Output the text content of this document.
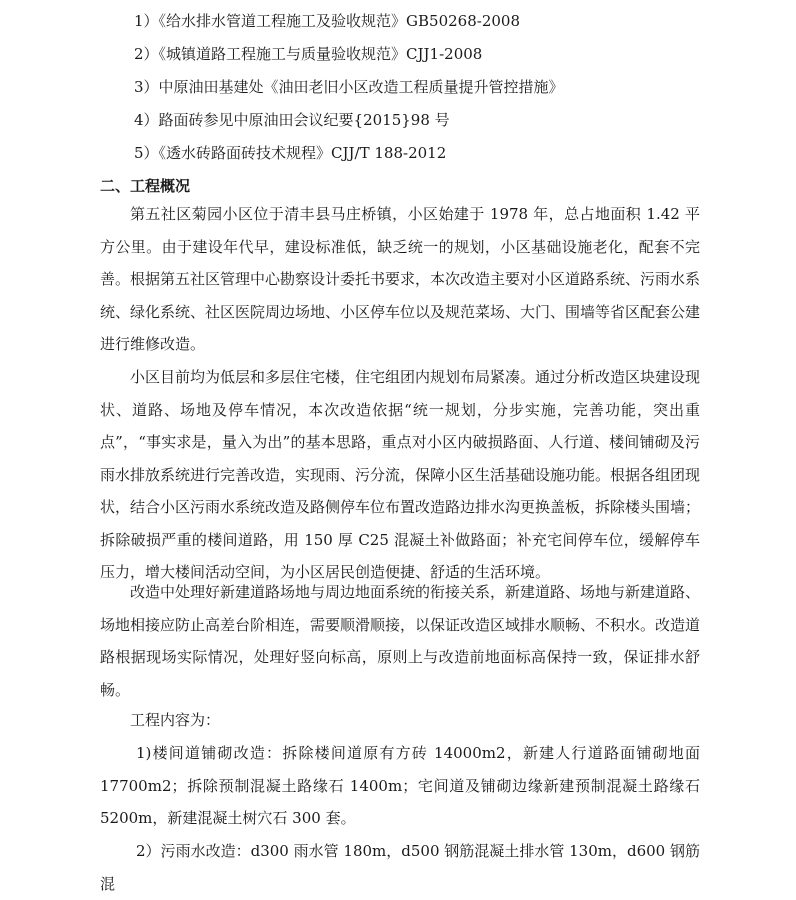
1）《给水排水管道工程施工及验收规范》GB50268-2008
2）《城镇道路工程施工与质量验收规范》CJJ1-2008
3）中原油田基建处《油田老旧小区改造工程质量提升管控措施》
4）路面砖参见中原油田会议纪要{2015}98 号
5）《透水砖路面砖技术规程》CJJ/T 188-2012
二、工程概况

第五社区菊园小区位于清丰县马庄桥镇，小区始建于 1978 年，总占地面积 1.42 平方公里。由于建设年代早，建设标准低，缺乏统一的规划，小区基础设施老化，配套不完善。根据第五社区管理中心勘察设计委托书要求，本次改造主要对小区道路系统、污雨水系统、绿化系统、社区医院周边场地、小区停车位以及规范菜场、大门、围墙等省区配套公建进行维修改造。

小区目前均为低层和多层住宅楼，住宅组团内规划布局紧凑。通过分析改造区块建设现状、道路、场地及停车情况，本次改造依据“统一规划，分步实施，完善功能，突出重点”，“事实求是，量入为出”的基本思路，重点对小区内破损路面、人行道、楼间铺砌及污雨水排放系统进行完善改造，实现雨、污分流，保障小区生活基础设施功能。根据各组团现状，结合小区污雨水系统改造及路侧停车位布置改造路边排水沟更换盖板，拆除楼头围墙；拆除破损严重的楼间道路，用 150 厚 C25 混凝土补做路面；补充宅间停车位，缓解停车压力，增大楼间活动空间，为小区居民创造便捷、舒适的生活环境。

改造中处理好新建道路场地与周边地面系统的衔接关系，新建道路、场地与新建道路、场地相接应防止高差台阶相连，需要顺滑顺接，以保证改造区域排水顺畅、不积水。改造道路根据现场实际情况，处理好竖向标高，原则上与改造前地面标高保持一致，保证排水舒畅。

工程内容为：

1)楼间道铺砌改造：拆除楼间道原有方砖 14000m2，新建人行道路面铺砌地面 17700m2；拆除预制混凝土路缘石 1400m；宅间道及铺砌边缘新建预制混凝土路缘石 5200m，新建混凝土树穴石 300 套。

2）污雨水改造：d300 雨水管 180m，d500 钢筋混凝土排水管 130m，d600 钢筋混
